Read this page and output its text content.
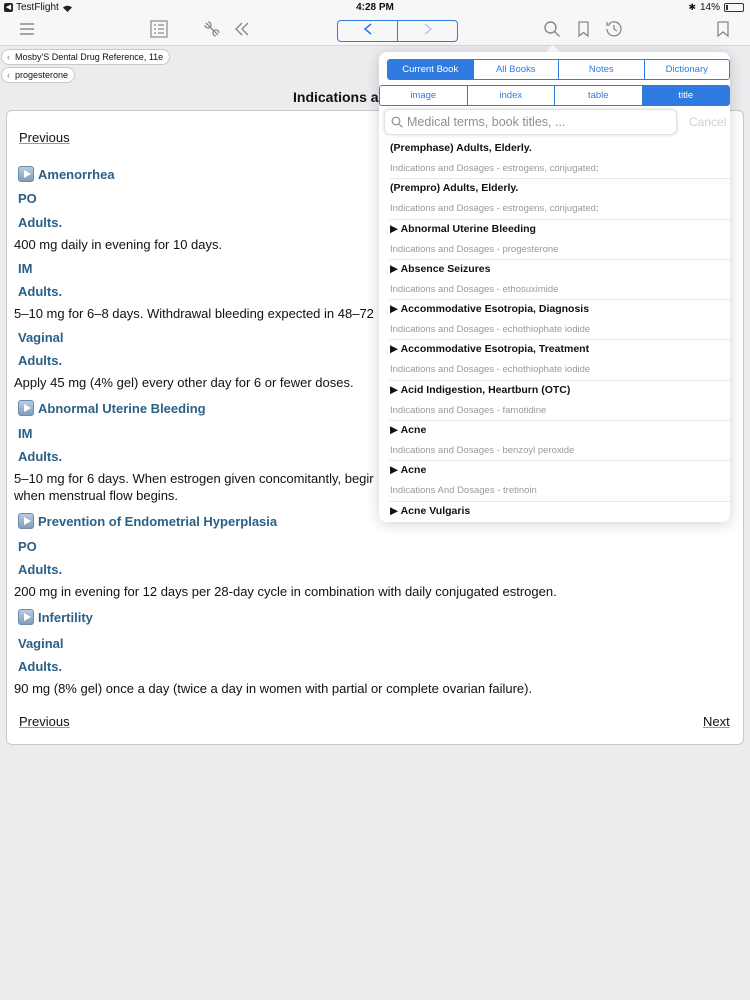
◀ TestFlight	4:28 PM	✱ 14%
‹ Mosby'S Dental Drug Reference, 11e
‹ progesterone
Indications a
Previous
Amenorrhea
PO
Adults.
400 mg daily in evening for 10 days.
IM
Adults.
5–10 mg for 6–8 days. Withdrawal bleeding expected in 48–72
Vaginal
Adults.
Apply 45 mg (4% gel) every other day for 6 or fewer doses.
Abnormal Uterine Bleeding
IM
Adults.
5–10 mg for 6 days. When estrogen given concomitantly, begir
when menstrual flow begins.
Prevention of Endometrial Hyperplasia
PO
Adults.
200 mg in evening for 12 days per 28-day cycle in combination with daily conjugated estrogen.
Infertility
Vaginal
Adults.
90 mg (8% gel) once a day (twice a day in women with partial or complete ovarian failure).
Previous	Next
Current Book	All Books	Notes	Dictionary
image	index	table	title
Medical terms, book titles, ...
Cancel
(Premphase) Adults, Elderly.
Indications and Dosages - estrogens, conjugated;
(Prempro) Adults, Elderly.
Indications and Dosages - estrogens, conjugated;
▶ Abnormal Uterine Bleeding
Indications and Dosages - progesterone
▶ Absence Seizures
Indications and Dosages - ethosuximide
▶ Accommodative Esotropia, Diagnosis
Indications and Dosages - echothiophate iodide
▶ Accommodative Esotropia, Treatment
Indications and Dosages - echothiophate iodide
▶ Acid Indigestion, Heartburn (OTC)
Indications and Dosages - famotidine
▶ Acne
Indications and Dosages - benzoyl peroxide
▶ Acne
Indications And Dosages - tretinoin
▶ Acne Vulgaris
